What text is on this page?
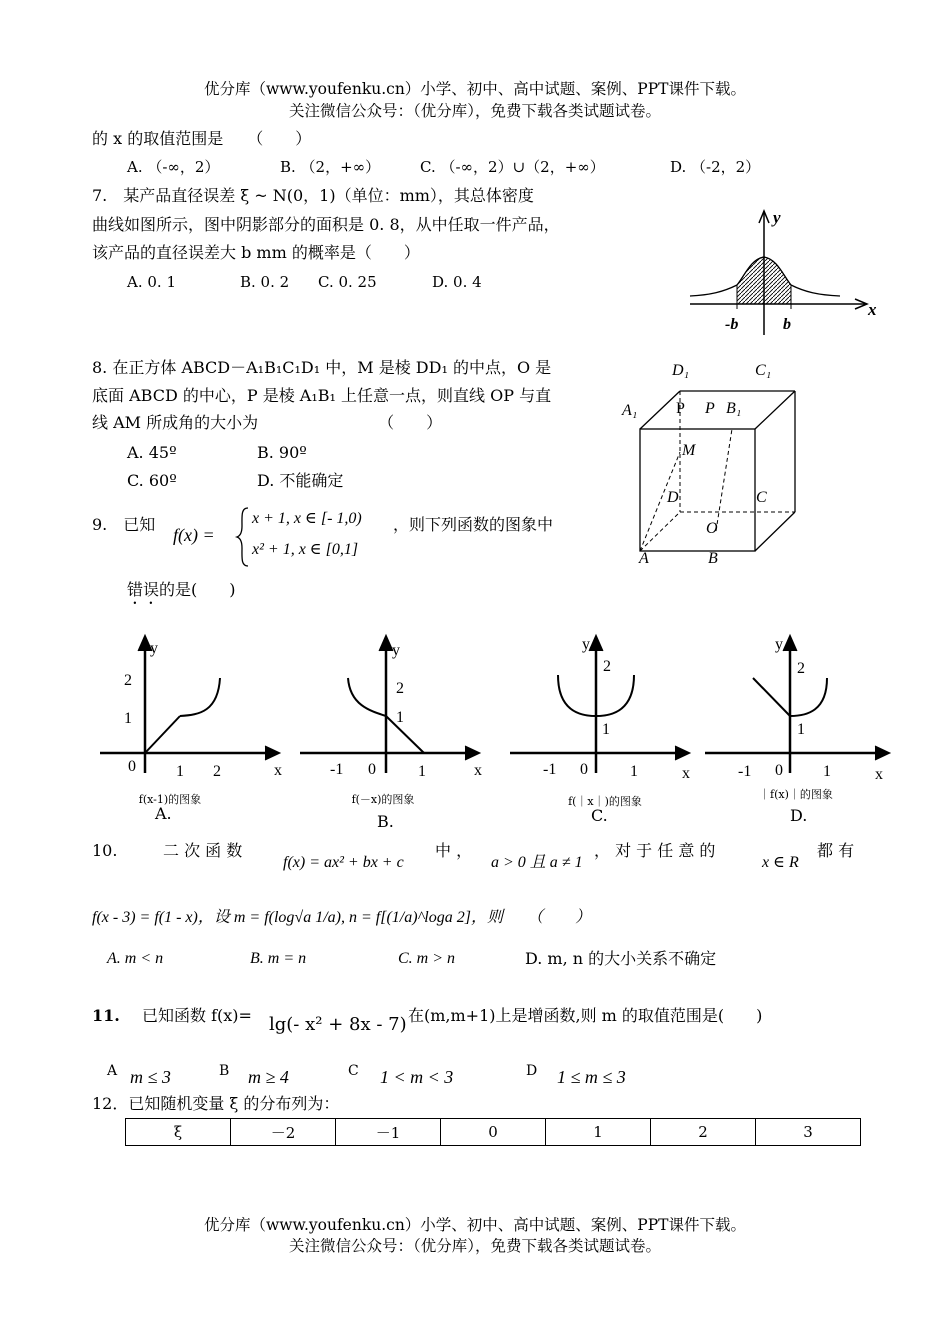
优分库（www.youfenku.cn）小学、初中、高中试题、案例、PPT课件下载。
关注微信公众号：（优分库），免费下载各类试题试卷。
的 x 的取值范围是　　（　　）
A. （-∞，2）	B. （2，+∞）	C. （-∞，2）∪（2，+∞）	D. （-2，2）
7.　某产品直径误差 ξ ~ N(0，1)（单位：mm），其总体密度
曲线如图所示，图中阴影部分的面积是 0. 8，从中任取一件产品，
该产品的直径误差大 b mm 的概率是（　　）
A. 0. 1	B. 0. 2 C. 0. 25	D. 0. 4
y
x
-b	b
8. 在正方体 ABCD－A₁B₁C₁D₁ 中，M 是棱 DD₁ 的中点，O 是
底面 ABCD 的中心，P 是棱 A₁B₁ 上任意一点，则直线 OP 与直
线 AM 所成角的大小为　　　　　　　　（　　）
A. 45º	B. 90º
C. 60º	D. 不能确定
D₁	C₁
A₁ P P B₁
M
D	C
O
A	B
9.　已知
f(x) =
x + 1, x ∈ [- 1,0)
x² + 1, x ∈ [0,1]
，则下列函数的图象中
错误的是(　　)
y
2
1
0	1 2	x
f(x-1)的图象
A.
y
2
1
-1 0	1	x
f(－x)的图象
B.
y
2
1
-1 0	1	x
f(｜x｜)的图象
C.
y
2
1
-1 0	1	x
｜f(x)｜的图象
D.
10.	二 次 函 数
f(x) = ax² + bx + c
中 ，
a > 0 且 a ≠ 1
， 对 于 任 意 的
x ∈ R
都 有
f(x - 3) = f(1 - x)，设 m = f(log√a 1/a), n = f[(1/a)^loga 2]，则　　（　　）
A. m < n	B. m = n	C. m > n	D. m, n 的大小关系不确定
11. 已知函数 f(x)= lg(- x² + 8x - 7) 在(m,m+1)上是增函数,则 m 的取值范围是(　　)
A m ≤ 3	B m ≥ 4	C 1 < m < 3	D 1 ≤ m ≤ 3
12．已知随机变量 ξ 的分布列为：
ξ	－2	－1	0	1	2	3
优分库（www.youfenku.cn）小学、初中、高中试题、案例、PPT课件下载。
关注微信公众号：（优分库），免费下载各类试题试卷。
